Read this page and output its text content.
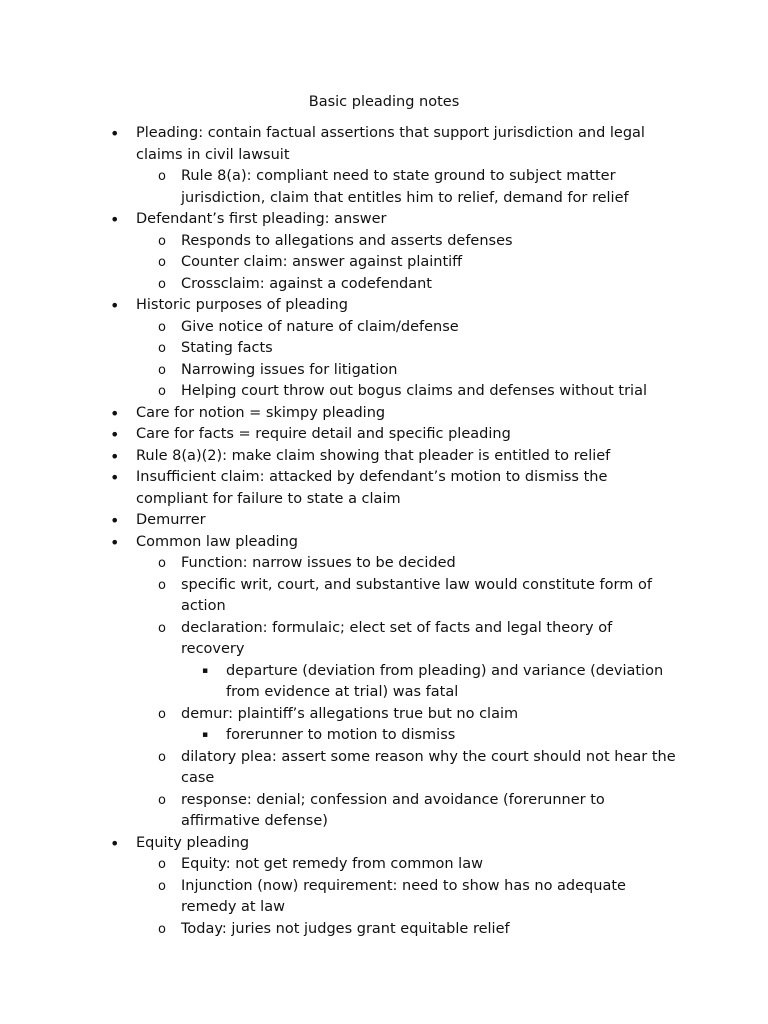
Basic pleading notes
• Pleading: contain factual assertions that support jurisdiction and legal claims in civil lawsuit
o Rule 8(a): compliant need to state ground to subject matter jurisdiction, claim that entitles him to relief, demand for relief
• Defendant’s first pleading: answer
o Responds to allegations and asserts defenses
o Counter claim: answer against plaintiff
o Crossclaim: against a codefendant
• Historic purposes of pleading
o Give notice of nature of claim/defense
o Stating facts
o Narrowing issues for litigation
o Helping court throw out bogus claims and defenses without trial
• Care for notion = skimpy pleading
• Care for facts = require detail and specific pleading
• Rule 8(a)(2): make claim showing that pleader is entitled to relief
• Insufficient claim: attacked by defendant’s motion to dismiss the compliant for failure to state a claim
• Demurrer
• Common law pleading
o Function: narrow issues to be decided
o specific writ, court, and substantive law would constitute form of action
o declaration: formulaic; elect set of facts and legal theory of recovery
▪ departure (deviation from pleading) and variance (deviation from evidence at trial) was fatal
o demur: plaintiff’s allegations true but no claim
▪ forerunner to motion to dismiss
o dilatory plea: assert some reason why the court should not hear the case
o response: denial; confession and avoidance (forerunner to affirmative defense)
• Equity pleading
o Equity: not get remedy from common law
o Injunction (now) requirement: need to show has no adequate remedy at law
o Today: juries not judges grant equitable relief
